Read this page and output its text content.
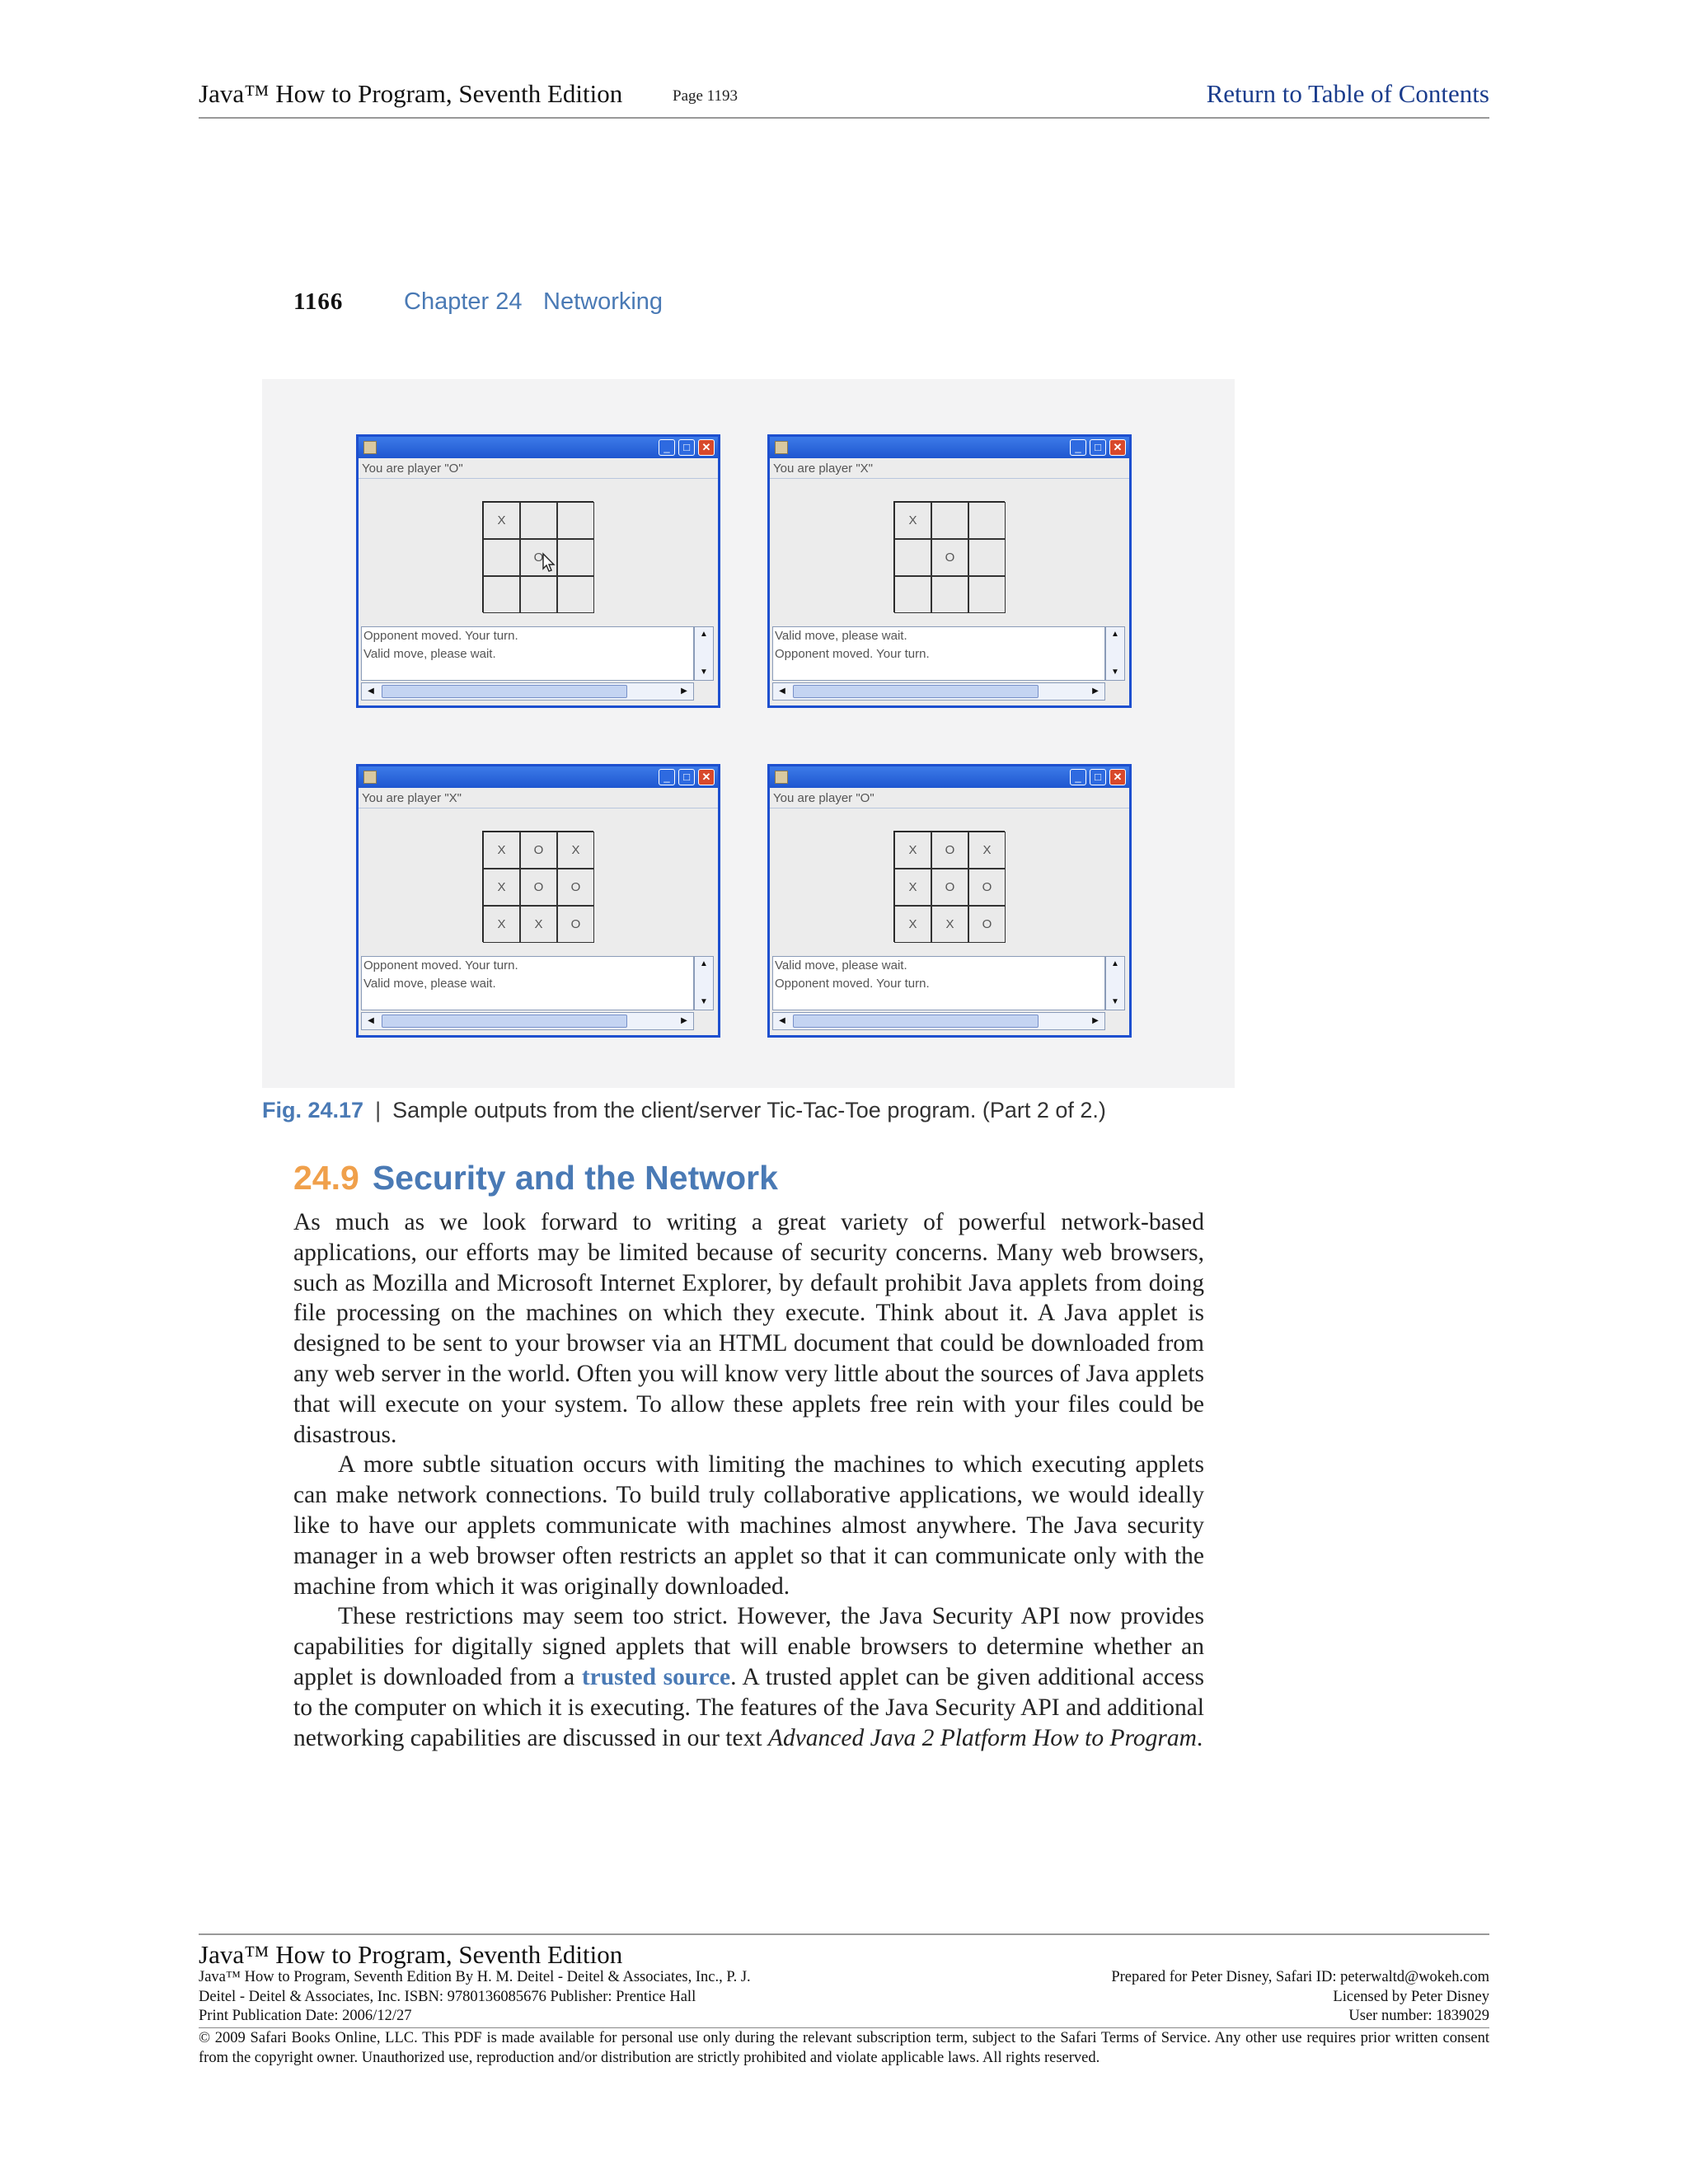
Java™ How to Program, Seventh Edition	Page 1193	Return to Table of Contents
1166	Chapter 24 Networking
_	□	✕
You are player "O"
X
O
Opponent moved. Your turn.
Valid move, please wait.
▲
▼
◀	▶
_	□	✕
You are player "X"
X
O
Valid move, please wait.
Opponent moved. Your turn.
▲
▼
◀	▶
_	□	✕
You are player "X"
X	O	X
X	O	O
X	X	O
Opponent moved. Your turn.
Valid move, please wait.
▲
▼
◀	▶
_	□	✕
You are player "O"
X	O	X
X	O	O
X	X	O
Valid move, please wait.
Opponent moved. Your turn.
▲
▼
◀	▶
Fig. 24.17 | Sample outputs from the client/server Tic-Tac-Toe program. (Part 2 of 2.)
24.9 Security and the Network

As much as we look forward to writing a great variety of powerful network-based applications, our efforts may be limited because of security concerns. Many web browsers, such as Mozilla and Microsoft Internet Explorer, by default prohibit Java applets from doing file processing on the machines on which they execute. Think about it. A Java applet is designed to be sent to your browser via an HTML document that could be downloaded from any web server in the world. Often you will know very little about the sources of Java applets that will execute on your system. To allow these applets free rein with your files could be disastrous.

A more subtle situation occurs with limiting the machines to which executing applets can make network connections. To build truly collaborative applications, we would ideally like to have our applets communicate with machines almost anywhere. The Java security manager in a web browser often restricts an applet so that it can communicate only with the machine from which it was originally downloaded.

These restrictions may seem too strict. However, the Java Security API now provides capabilities for digitally signed applets that will enable browsers to determine whether an applet is downloaded from a trusted source. A trusted applet can be given additional access to the computer on which it is executing. The features of the Java Security API and additional networking capabilities are discussed in our text Advanced Java 2 Platform How to Program.

Java™ How to Program, Seventh Edition
Java™ How to Program, Seventh Edition By H. M. Deitel - Deitel & Associates, Inc., P. J.
Deitel - Deitel & Associates, Inc. ISBN: 9780136085676 Publisher: Prentice Hall
Print Publication Date: 2006/12/27
Prepared for Peter Disney, Safari ID: peterwaltd@wokeh.com
Licensed by Peter Disney
User number: 1839029
© 2009 Safari Books Online, LLC. This PDF is made available for personal use only during the relevant subscription term, subject to the Safari Terms of Service. Any other use requires prior written consent from the copyright owner. Unauthorized use, reproduction and/or distribution are strictly prohibited and violate applicable laws. All rights reserved.
